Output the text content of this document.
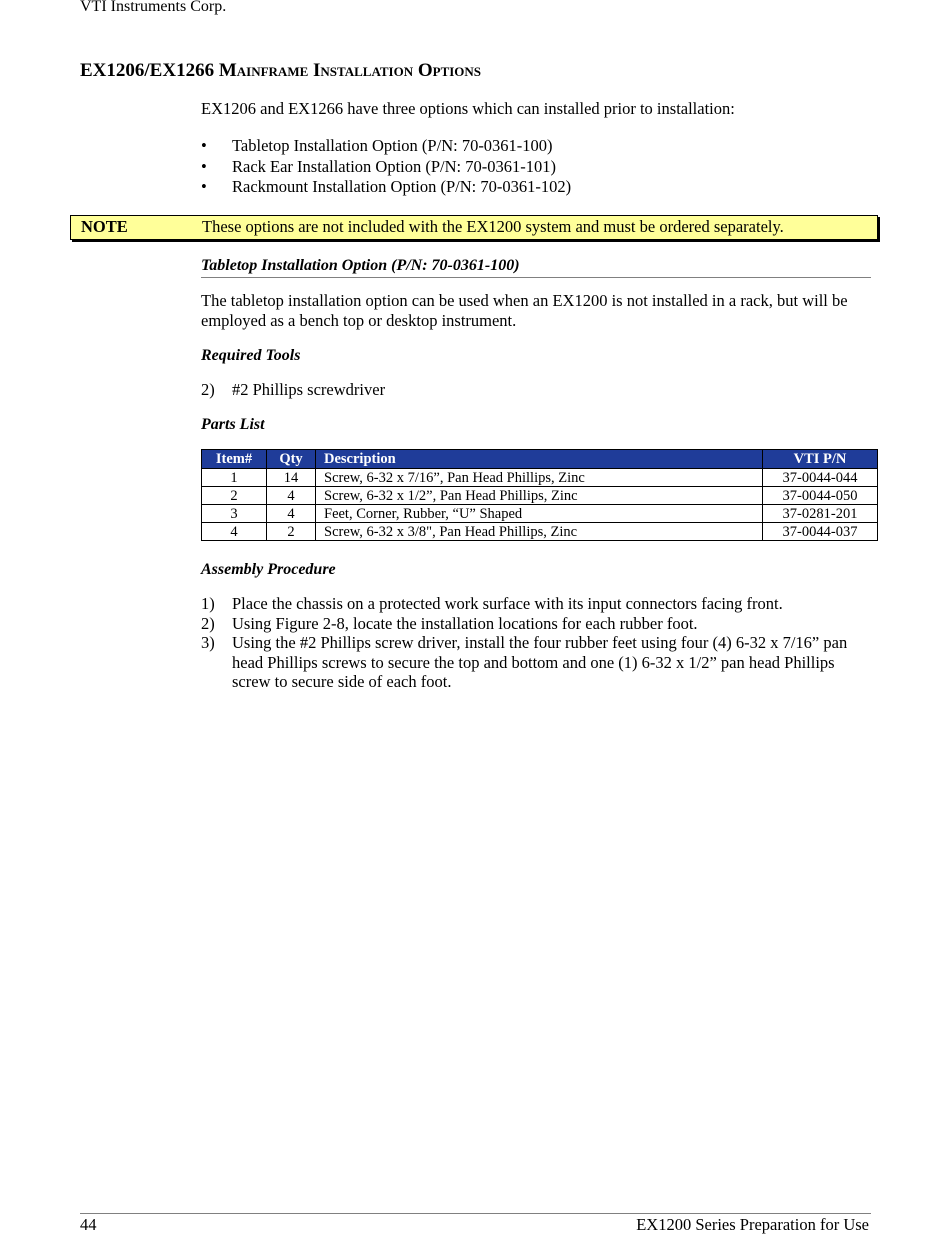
VTI Instruments Corp.
EX1206/EX1266 Mainframe Installation Options
EX1206 and EX1266 have three options which can installed prior to installation:
• Tabletop Installation Option (P/N: 70-0361-100)
• Rack Ear Installation Option (P/N: 70-0361-101)
• Rackmount Installation Option (P/N: 70-0361-102)
NOTE	These options are not included with the EX1200 system and must be ordered separately.
Tabletop Installation Option (P/N: 70-0361-100)
The tabletop installation option can be used when an EX1200 is not installed in a rack, but will be employed as a bench top or desktop instrument.
Required Tools
2) #2 Phillips screwdriver
Parts List
Item#	Qty	Description	VTI P/N
1	14	Screw, 6-32 x 7/16”, Pan Head Phillips, Zinc	37-0044-044
2	4	Screw, 6-32 x 1/2”, Pan Head Phillips, Zinc	37-0044-050
3	4	Feet, Corner, Rubber, “U” Shaped	37-0281-201
4	2	Screw, 6-32 x 3/8", Pan Head Phillips, Zinc	37-0044-037
Assembly Procedure
1) Place the chassis on a protected work surface with its input connectors facing front.
2) Using Figure 2-8, locate the installation locations for each rubber foot.
3) Using the #2 Phillips screw driver, install the four rubber feet using four (4) 6-32 x 7/16” pan head Phillips screws to secure the top and bottom and one (1) 6-32 x 1/2” pan head Phillips screw to secure side of each foot.
44	EX1200 Series Preparation for Use
